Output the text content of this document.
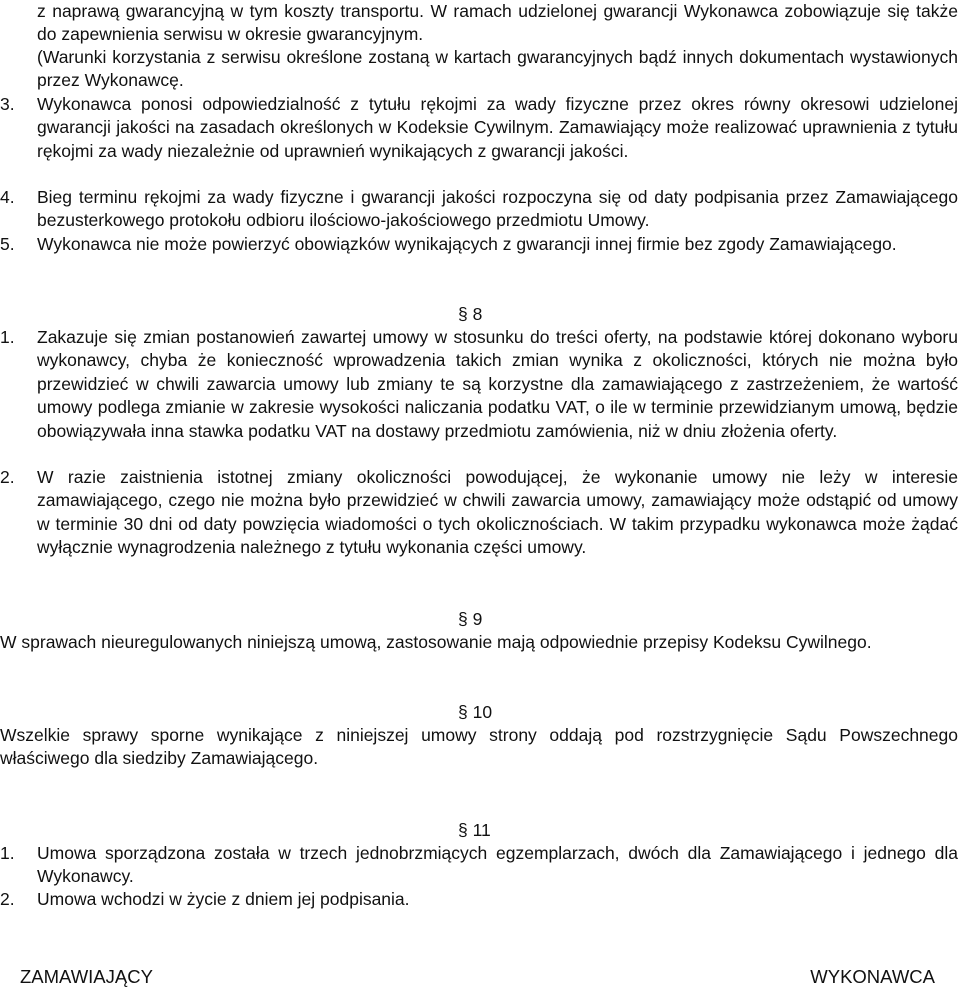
z naprawą gwarancyjną w tym koszty transportu. W ramach udzielonej gwarancji Wykonawca zobowiązuje się także do zapewnienia serwisu w okresie gwarancyjnym.
(Warunki korzystania z serwisu określone zostaną w kartach gwarancyjnych bądź innych dokumentach wystawionych przez Wykonawcę.
3. Wykonawca ponosi odpowiedzialność z tytułu rękojmi za wady fizyczne przez okres równy okresowi udzielonej gwarancji jakości na zasadach określonych w Kodeksie Cywilnym. Zamawiający może realizować uprawnienia z tytułu rękojmi za wady niezależnie od uprawnień wynikających z gwarancji jakości.
4. Bieg terminu rękojmi za wady fizyczne i gwarancji jakości rozpoczyna się od daty podpisania przez Zamawiającego bezusterkowego protokołu odbioru ilościowo-jakościowego przedmiotu Umowy.
5. Wykonawca nie może powierzyć obowiązków wynikających z gwarancji innej firmie bez zgody Zamawiającego.
§ 8
1. Zakazuje się zmian postanowień zawartej umowy w stosunku do treści oferty, na podstawie której dokonano wyboru wykonawcy, chyba że konieczność wprowadzenia takich zmian wynika z okoliczności, których nie można było przewidzieć w chwili zawarcia umowy lub zmiany te są korzystne dla zamawiającego z zastrzeżeniem, że wartość umowy podlega zmianie w zakresie wysokości naliczania podatku VAT, o ile w terminie przewidzianym umową, będzie obowiązywała inna stawka podatku VAT na dostawy przedmiotu zamówienia, niż w dniu złożenia oferty.
2. W razie zaistnienia istotnej zmiany okoliczności powodującej, że wykonanie umowy nie leży w interesie zamawiającego, czego nie można było przewidzieć w chwili zawarcia umowy, zamawiający może odstąpić od umowy w terminie 30 dni od daty powzięcia wiadomości o tych okolicznościach. W takim przypadku wykonawca może żądać wyłącznie wynagrodzenia należnego z tytułu wykonania części umowy.
§ 9
W sprawach nieuregulowanych niniejszą umową, zastosowanie mają odpowiednie przepisy Kodeksu Cywilnego.
§ 10
Wszelkie sprawy sporne wynikające z niniejszej umowy strony oddają pod rozstrzygnięcie Sądu Powszechnego właściwego dla siedziby Zamawiającego.
§ 11
1. Umowa sporządzona została w trzech jednobrzmiących egzemplarzach, dwóch dla Zamawiającego i jednego dla Wykonawcy.
2. Umowa wchodzi w życie z dniem jej podpisania.
ZAMAWIAJĄCY	WYKONAWCA
